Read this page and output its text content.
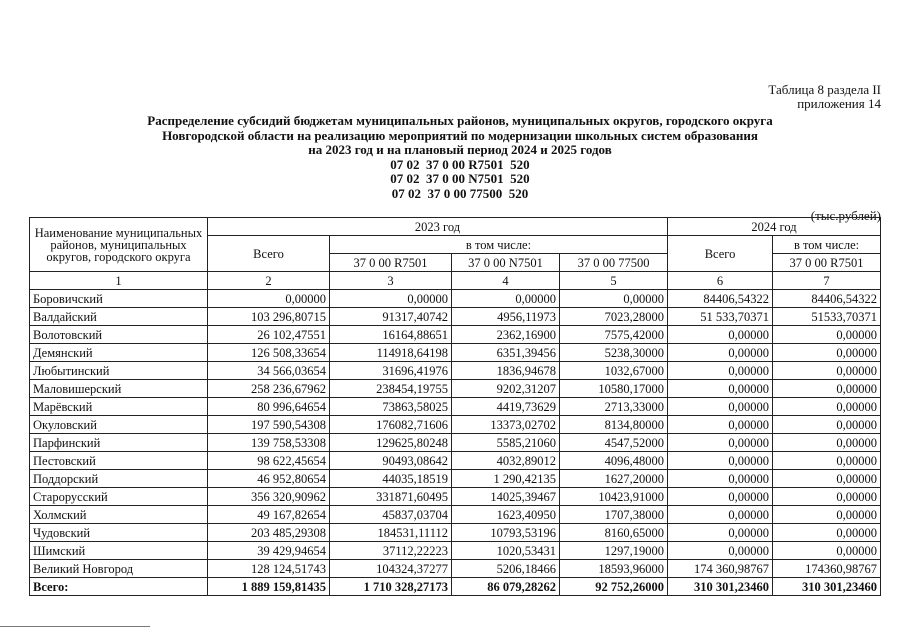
Таблица 8 раздела II
приложения 14
Распределение субсидий бюджетам муниципальных районов, муниципальных округов, городского округа
Новгородской области на реализацию мероприятий по модернизации школьных систем образования
на 2023 год и на плановый период 2024 и 2025 годов
07 02  37 0 00 R7501  520
07 02  37 0 00 N7501  520
07 02  37 0 00 77500  520
(тыс.рублей)
Наименование муниципальных районов, муниципальных округов, городского округа	2023 год				2024 год	
	Всего	в том числе:			Всего	в том числе:
		37 0 00 R7501	37 0 00 N7501	37 0 00 77500		37 0 00 R7501
1	2	3	4	5	6	7
Боровичский	0,00000	0,00000	0,00000	0,00000	84406,54322	84406,54322
Валдайский	103 296,80715	91317,40742	4956,11973	7023,28000	51 533,70371	51533,70371
Волотовский	26 102,47551	16164,88651	2362,16900	7575,42000	0,00000	0,00000
Демянский	126 508,33654	114918,64198	6351,39456	5238,30000	0,00000	0,00000
Любытинский	34 566,03654	31696,41976	1836,94678	1032,67000	0,00000	0,00000
Маловишерский	258 236,67962	238454,19755	9202,31207	10580,17000	0,00000	0,00000
Марёвский	80 996,64654	73863,58025	4419,73629	2713,33000	0,00000	0,00000
Окуловский	197 590,54308	176082,71606	13373,02702	8134,80000	0,00000	0,00000
Парфинский	139 758,53308	129625,80248	5585,21060	4547,52000	0,00000	0,00000
Пестовский	98 622,45654	90493,08642	4032,89012	4096,48000	0,00000	0,00000
Поддорский	46 952,80654	44035,18519	1 290,42135	1627,20000	0,00000	0,00000
Старорусский	356 320,90962	331871,60495	14025,39467	10423,91000	0,00000	0,00000
Холмский	49 167,82654	45837,03704	1623,40950	1707,38000	0,00000	0,00000
Чудовский	203 485,29308	184531,11112	10793,53196	8160,65000	0,00000	0,00000
Шимский	39 429,94654	37112,22223	1020,53431	1297,19000	0,00000	0,00000
Великий Новгород	128 124,51743	104324,37277	5206,18466	18593,96000	174 360,98767	174360,98767
Всего:	1 889 159,81435	1 710 328,27173	86 079,28262	92 752,26000	310 301,23460	310 301,23460
